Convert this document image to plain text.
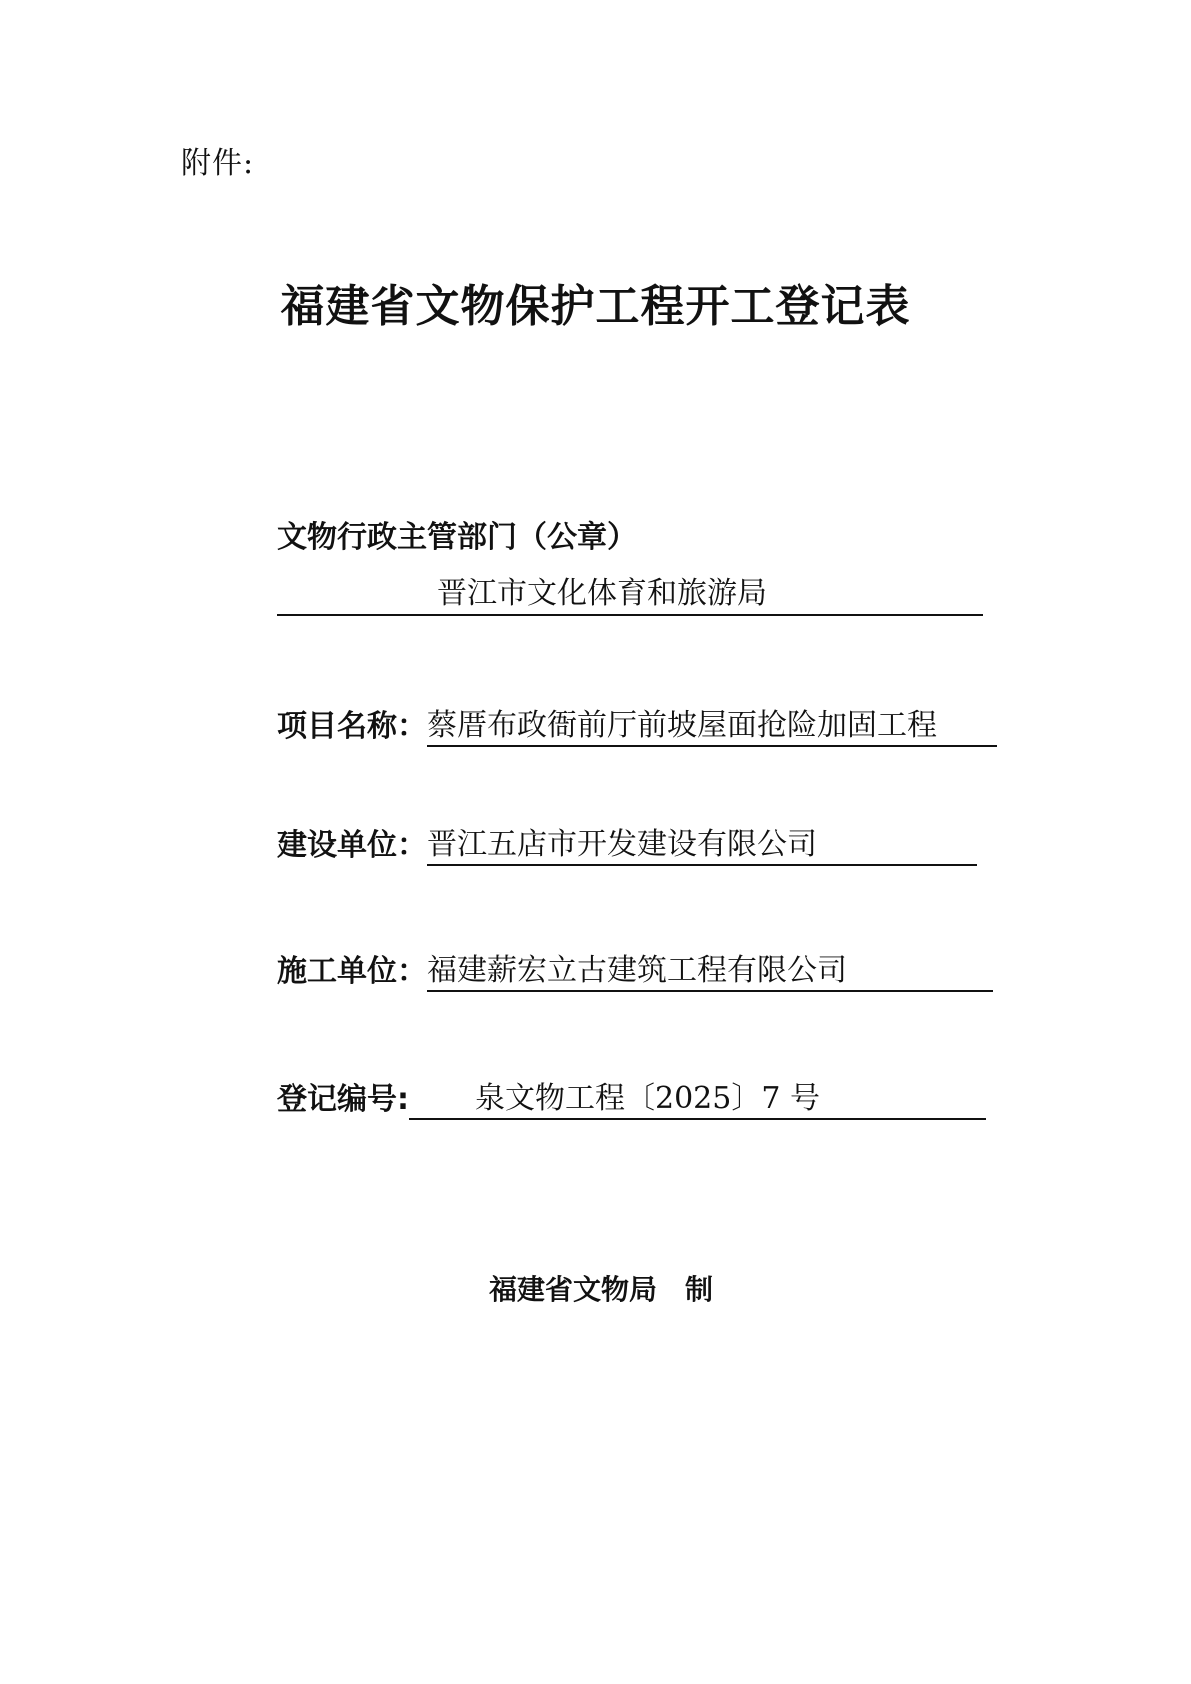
附件:
福建省文物保护工程开工登记表
文物行政主管部门（公章）
晋江市文化体育和旅游局
项目名称： 蔡厝布政衙前厅前坡屋面抢险加固工程
建设单位： 晋江五店市开发建设有限公司
施工单位： 福建薪宏立古建筑工程有限公司
登记编号:	泉文物工程〔2025〕7 号
福建省文物局 制
